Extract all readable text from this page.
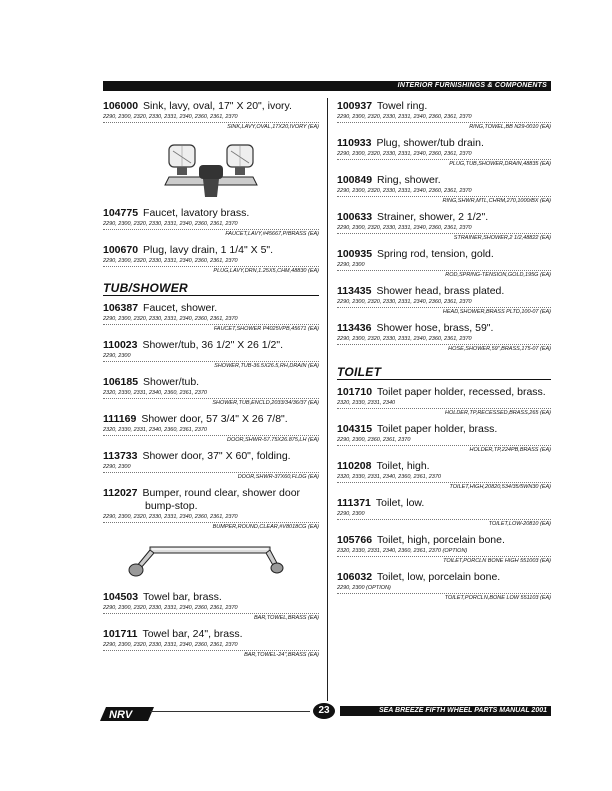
INTERIOR FURNISHINGS & COMPONENTS
106000 Sink, lavy, oval, 17" X 20", ivory.
2290, 2300, 2320, 2330, 2331, 2340, 2360, 2361, 2370
SINK,LAVY,OVAL,17X20,IVORY (EA)
104775 Faucet, lavatory brass.
2290, 2300, 2320, 2330, 2331, 2340, 2360, 2361, 2370
FAUCET,LAVY,#45667,P/BRASS (EA)
100670 Plug, lavy drain, 1 1/4" X 5".
2290, 2300, 2320, 2330, 2331, 2340, 2360, 2361, 2370
PLUG,LAVY,DRN,1.25X5,CHM,48830 (EA)
TUB/SHOWER
106387 Faucet, shower.
2290, 2300, 2320, 2330, 2331, 2340, 2360, 2361, 2370
FAUCET,SHOWER P4025VPB,45671 (EA)
110023 Shower/tub, 36 1/2" X 26 1/2".
2290, 2300
SHOWER,TUB-36.5X26.5,RH,DRAIN (EA)
106185 Shower/tub.
2320, 2330, 2331, 2340, 2360, 2361, 2370
SHOWER,TUB,ENCLD,2033/34/36/37 (EA)
111169 Shower door, 57 3/4" X 26 7/8".
2320, 2330, 2331, 2340, 2360, 2361, 2370
DOOR,SHWR-57.75X26.875,LH (EA)
113733 Shower door, 37" X 60", folding.
2290, 2300
DOOR,SHWR-37X60,FLDG (EA)
112027 Bumper, round clear, shower door
bump-stop.
2290, 2300, 2320, 2330, 2331, 2340, 2360, 2361, 2370
BUMPER,ROUND,CLEAR,#V8018CG (EA)
104503 Towel bar, brass.
2290, 2300, 2320, 2330, 2331, 2340, 2360, 2361, 2370
BAR,TOWEL,BRASS (EA)
101711 Towel bar, 24", brass.
2290, 2300, 2320, 2330, 2331, 2340, 2360, 2361, 2370
BAR,TOWEL-24",BRASS (EA)
100937 Towel ring.
2290, 2300, 2320, 2330, 2331, 2340, 2360, 2361, 2370
RING,TOWEL,BB N29-0010 (EA)
110933 Plug, shower/tub drain.
2290, 2300, 2320, 2330, 2331, 2340, 2360, 2361, 2370
PLUG,TUB,SHOWER,DRAIN,48835 (EA)
100849 Ring, shower.
2290, 2300, 2320, 2330, 2331, 2340, 2360, 2361, 2370
RING,SHWR,MTL,CHRM,270,1000/BX (EA)
100633 Strainer, shower, 2 1/2".
2290, 2300, 2320, 2330, 2331, 2340, 2360, 2361, 2370
STRAINER,SHOWER,2 1/2,48822 (EA)
100935 Spring rod, tension, gold.
2290, 2300
ROD,SPRING-TENSION,GOLD,195G (EA)
113435 Shower head, brass plated.
2290, 2300, 2320, 2330, 2331, 2340, 2360, 2361, 2370
HEAD,SHOWER,BRASS PLTD,100-07 (EA)
113436 Shower hose, brass, 59".
2290, 2300, 2320, 2330, 2331, 2340, 2360, 2361, 2370
HOSE,SHOWER,59",BRASS,175-07 (EA)
TOILET
101710 Toilet paper holder, recessed, brass.
2320, 2330, 2331, 2340
HOLDER,TP,RECESSED,BRASS,265 (EA)
104315 Toilet paper holder, brass.
2290, 2300, 2360, 2361, 2370
HOLDER,TP,224PB,BRASS (EA)
110208 Toilet, high.
2320, 2330, 2331, 2340, 2360, 2361, 2370
TOILET,HIGH,20820,534/35/5WN30 (EA)
111371 Toilet, low.
2290, 2300
TOILET,LOW-20810 (EA)
105766 Toilet, high, porcelain bone.
2320, 2330, 2331, 2340, 2360, 2361, 2370 (OPTION)
TOILET,PORCLN BONE HIGH 551003 (EA)
106032 Toilet, low, porcelain bone.
2290, 2300 (OPTION)
TOILET,PORCLN,BONE LOW 551103 (EA)
NRV	23	SEA BREEZE FIFTH WHEEL PARTS MANUAL 2001
